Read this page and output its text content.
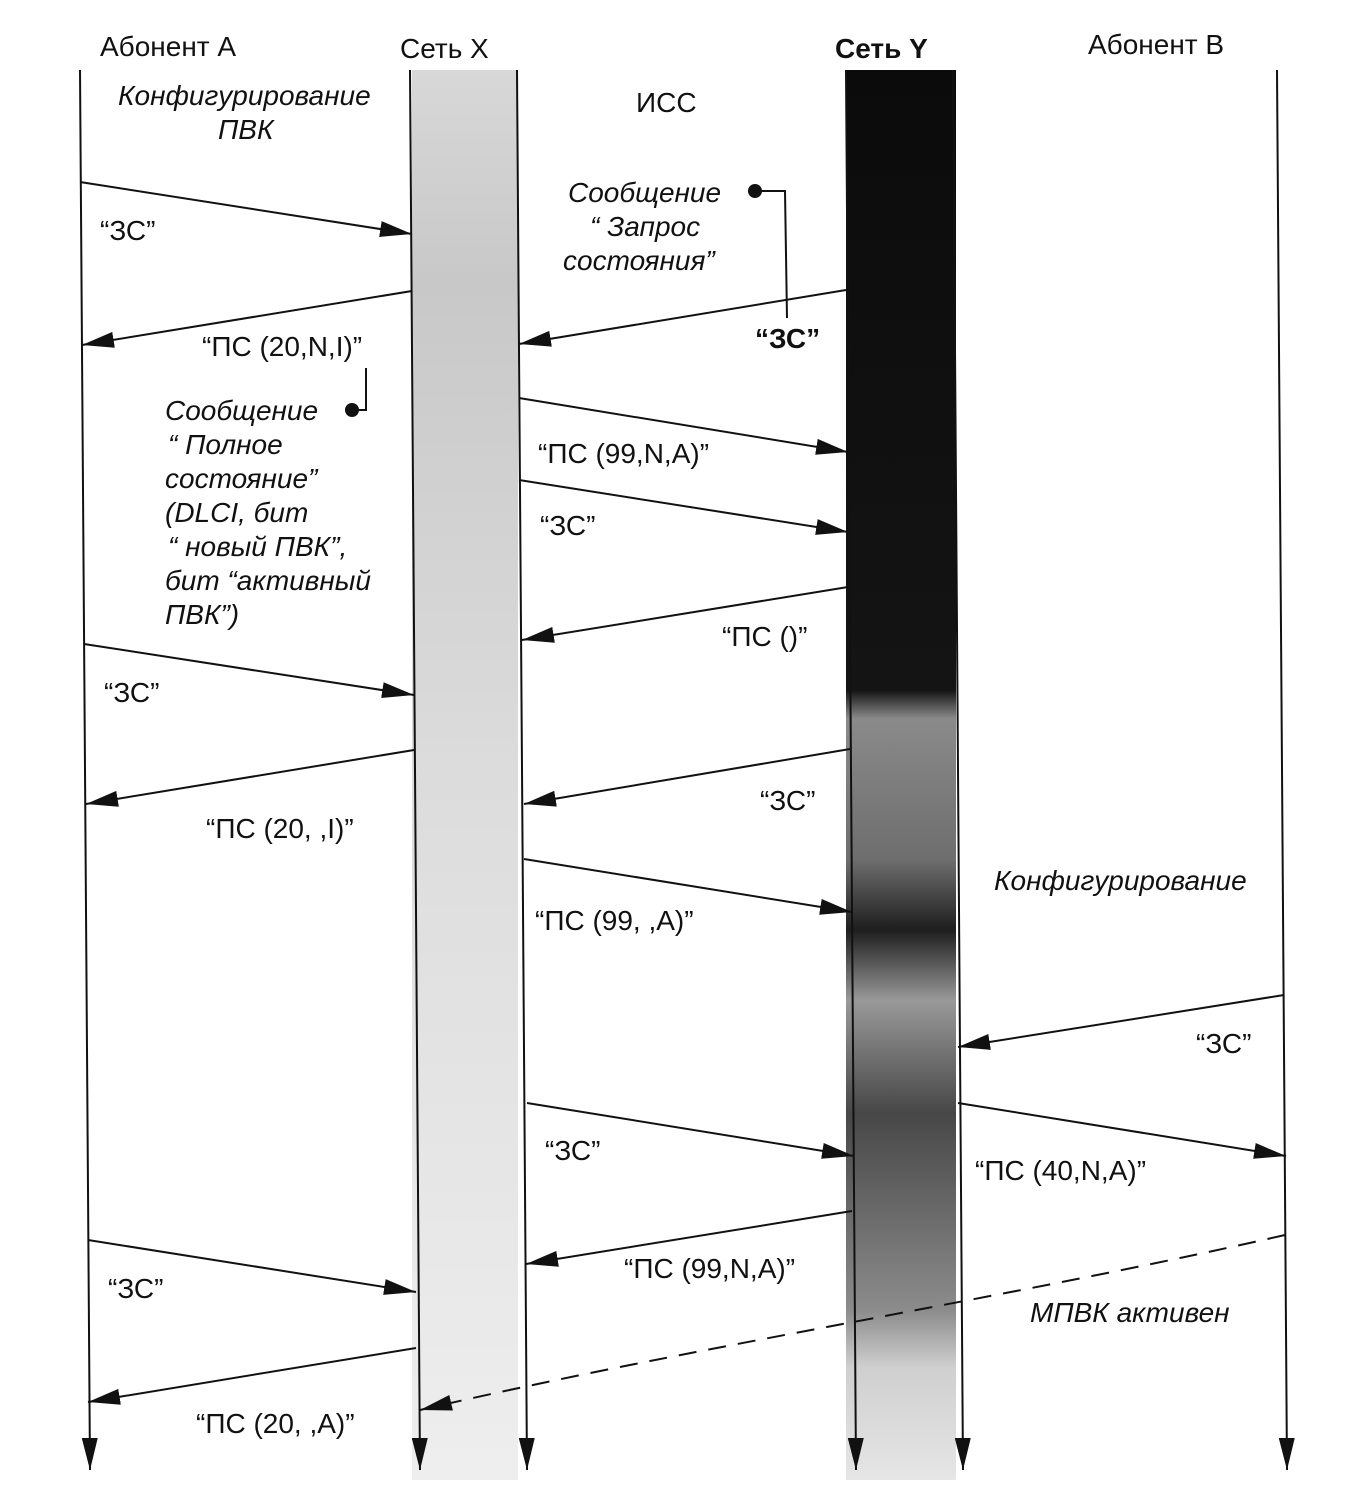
Абонент А	Сеть X	Сеть Y	Абонент В
ИСС
Конфигурирование ПВК
Сообщение “ Запрос состояния”
Сообщение “ Полное состояние” (DLCI, бит “ новый ПВК”, бит “активный ПВК”)
Конфигурирование
МПВК активен
“ЗС”
“ПС (20,N,I)”	“ЗС”
“ПС (99,N,A)”
“ЗС”
“ПС ()”
“ЗС”
“ПС (20, ,I)”
“ЗС”
“ПС (99, ,A)”
“ЗС”
“ЗС”
“ПС (40,N,A)”
“ПС (99,N,A)”
“ЗС”
“ПС (20, ,A)”
